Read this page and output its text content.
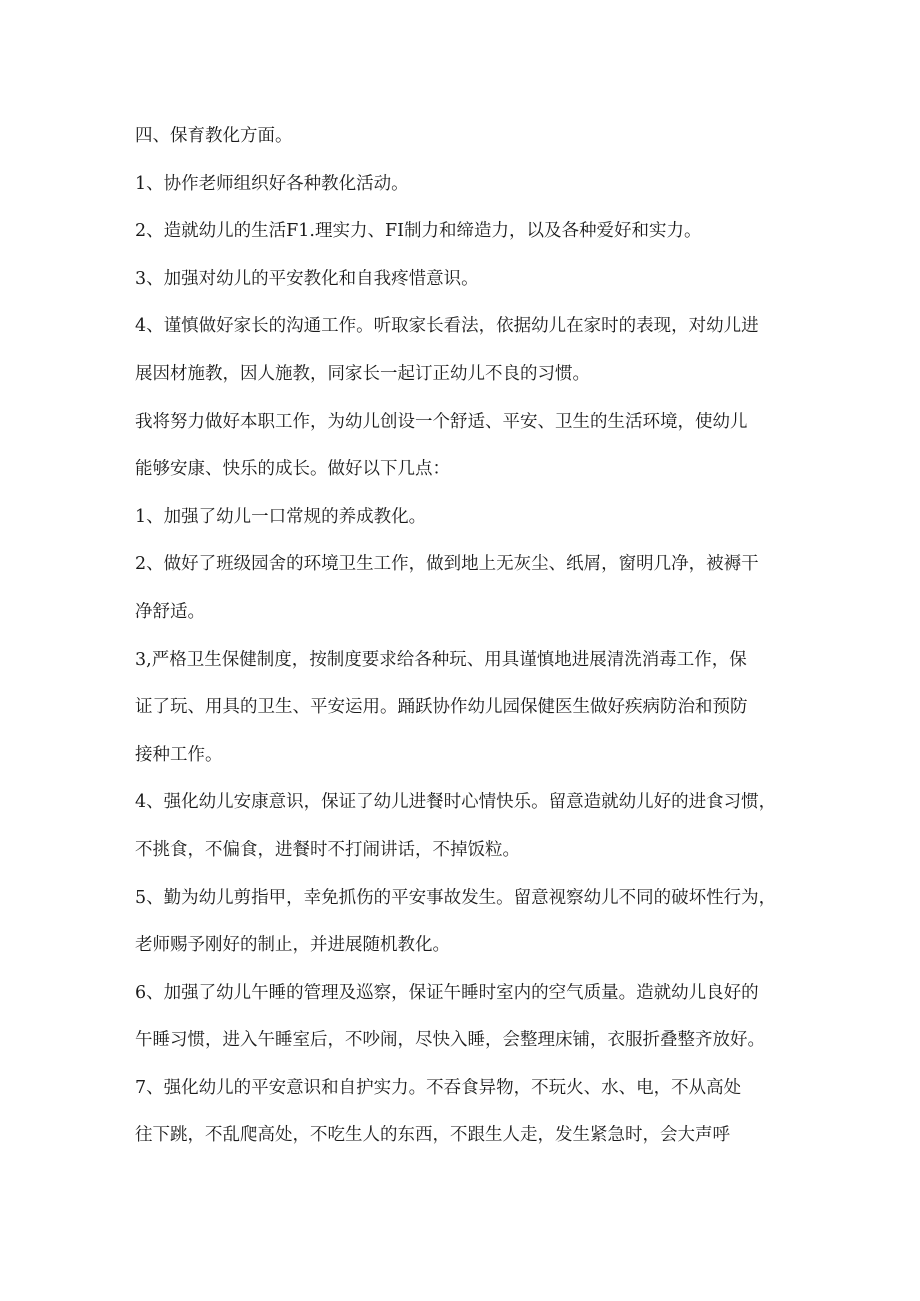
四、保育教化方面。
1、协作老师组织好各种教化活动。
2、造就幼儿的生活F1.理实力、FI制力和缔造力，以及各种爱好和实力。
3、加强对幼儿的平安教化和自我疼惜意识。
4、谨慎做好家长的沟通工作。听取家长看法，依据幼儿在家时的表现，对幼儿进
展因材施教，因人施教，同家长一起订正幼儿不良的习惯。
我将努力做好本职工作，为幼儿创设一个舒适、平安、卫生的生活环境，使幼儿
能够安康、快乐的成长。做好以下几点：
1、加强了幼儿一口常规的养成教化。
2、做好了班级园舍的环境卫生工作，做到地上无灰尘、纸屑，窗明几净，被褥干
净舒适。
3,严格卫生保健制度，按制度要求给各种玩、用具谨慎地进展清洗消毒工作，保
证了玩、用具的卫生、平安运用。踊跃协作幼儿园保健医生做好疾病防治和预防
接种工作。
4、强化幼儿安康意识，保证了幼儿进餐时心情快乐。留意造就幼儿好的进食习惯，
不挑食，不偏食，进餐时不打闹讲话，不掉饭粒。
5、勤为幼儿剪指甲，幸免抓伤的平安事故发生。留意视察幼儿不同的破坏性行为，
老师赐予刚好的制止，并进展随机教化。
6、加强了幼儿午睡的管理及巡察，保证午睡时室内的空气质量。造就幼儿良好的
午睡习惯，进入午睡室后，不吵闹，尽快入睡，会整理床铺，衣服折叠整齐放好。
7、强化幼儿的平安意识和自护实力。不吞食异物，不玩火、水、电，不从高处
往下跳，不乱爬高处，不吃生人的东西，不跟生人走，发生紧急时，会大声呼
